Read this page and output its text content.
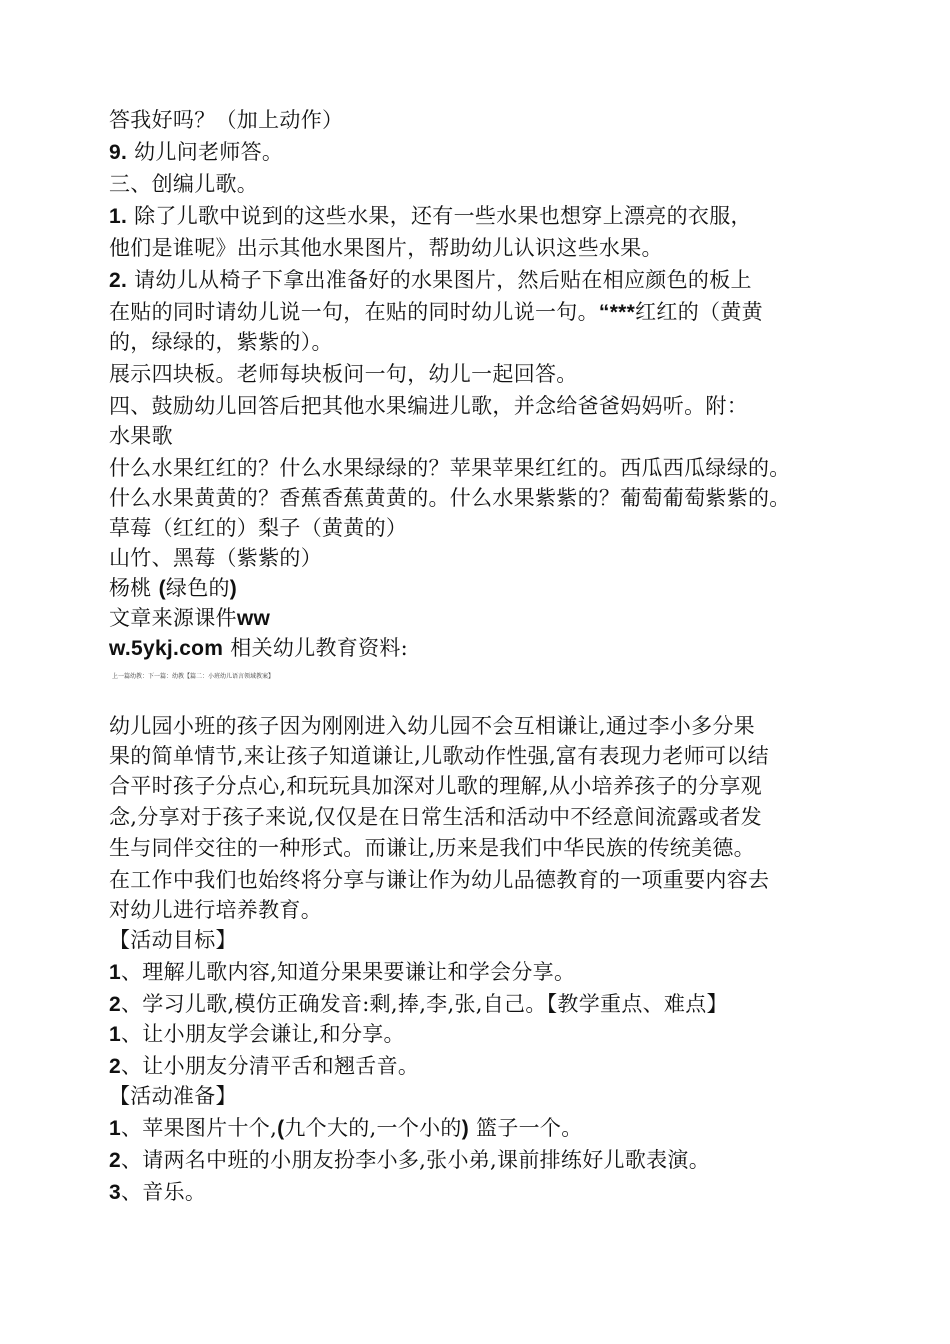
答我好吗？（加上动作）
9. 幼儿问老师答。
三、创编儿歌。
1. 除了儿歌中说到的这些水果，还有一些水果也想穿上漂亮的衣服，
他们是谁呢》出示其他水果图片，帮助幼儿认识这些水果。
2. 请幼儿从椅子下拿出准备好的水果图片，然后贴在相应颜色的板上
在贴的同时请幼儿说一句，在贴的同时幼儿说一句。“***红红的（黄黄
的，绿绿的，紫紫的）。
展示四块板。老师每块板问一句，幼儿一起回答。
四、鼓励幼儿回答后把其他水果编进儿歌，并念给爸爸妈妈听。附：
水果歌
什么水果红红的？什么水果绿绿的？苹果苹果红红的。西瓜西瓜绿绿的。
什么水果黄黄的？香蕉香蕉黄黄的。什么水果紫紫的？葡萄葡萄紫紫的。
草莓（红红的）梨子（黄黄的）
山竹、黑莓（紫紫的）
杨桃 (绿色的)
文章来源课件ww
w.5ykj.com 相关幼儿教育资料:
上一篇幼教：下一篇：幼教【篇二：小班幼儿语言领域教案】
幼儿园小班的孩子因为刚刚进入幼儿园不会互相谦让,通过李小多分果
果的简单情节,来让孩子知道谦让,儿歌动作性强,富有表现力老师可以结
合平时孩子分点心,和玩玩具加深对儿歌的理解,从小培养孩子的分享观
念,分享对于孩子来说,仅仅是在日常生活和活动中不经意间流露或者发
生与同伴交往的一种形式。而谦让,历来是我们中华民族的传统美德。
在工作中我们也始终将分享与谦让作为幼儿品德教育的一项重要内容去
对幼儿进行培养教育。
【活动目标】
1、理解儿歌内容,知道分果果要谦让和学会分享。
2、学习儿歌,模仿正确发音:剩,捧,李,张,自己。【教学重点、难点】
1、让小朋友学会谦让,和分享。
2、让小朋友分清平舌和翘舌音。
【活动准备】
1、苹果图片十个,(九个大的,一个小的) 篮子一个。
2、请两名中班的小朋友扮李小多,张小弟,课前排练好儿歌表演。
3、音乐。
